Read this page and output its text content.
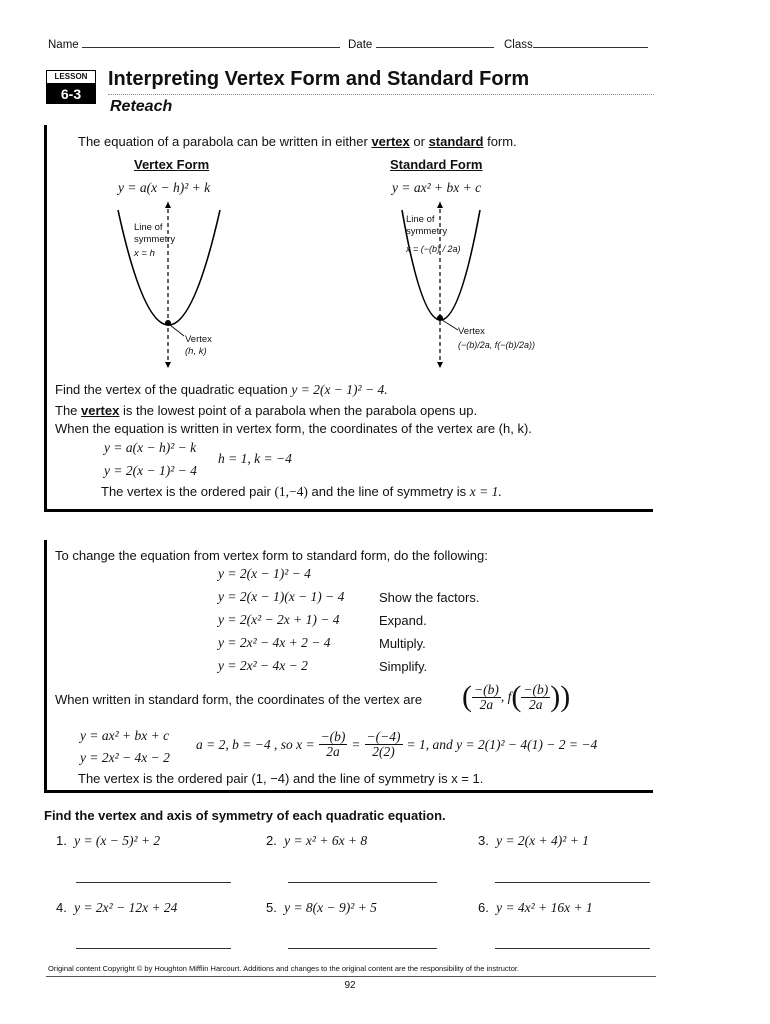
Name	Date	Class
LESSON
6-3
Interpreting Vertex Form and Standard Form
Reteach
The equation of a parabola can be written in either vertex or standard form.
Vertex Form	Standard Form
y = a(x − h)² + k	y = ax² + bx + c
Line of symmetry
x = h
Vertex
(h, k)
Line of symmetry
x = (−(b) / 2a)
Vertex
(−(b)/2a, f(−(b)/2a))
Find the vertex of the quadratic equation y = 2(x − 1)² − 4.
The vertex is the lowest point of a parabola when the parabola opens up.
When the equation is written in vertex form, the coordinates of the vertex are (h, k).
y = a(x − h)² − k
y = 2(x − 1)² − 4
h = 1, k = −4
The vertex is the ordered pair (1,−4) and the line of symmetry is x = 1.
To change the equation from vertex form to standard form, do the following:
y = 2(x − 1)² − 4
y = 2(x − 1)(x − 1) − 4	Show the factors.
y = 2(x² − 2x + 1) − 4	Expand.
y = 2x² − 4x + 2 − 4	Multiply.
y = 2x² − 4x − 2	Simplify.
When written in standard form, the coordinates of the vertex are ( $\frac{-(b)}{2a}$ , f ( $\frac{-(b)}{2a}$ ))
y = ax² + bx + c
y = 2x² − 4x − 2
a = 2, b = −4 , so $x = \frac{-(b)}{2a} = \frac{-(-4)}{2(2)} = 1$, and y = 2(1)² − 4(1) − 2 = −4
The vertex is the ordered pair (1, −4) and the line of symmetry is x = 1.
Find the vertex and axis of symmetry of each quadratic equation.
1. y = (x − 5)² + 2	2. y = x² + 6x + 8	3. y = 2(x + 4)² + 1
4. y = 2x² − 12x + 24	5. y = 8(x − 9)² + 5	6. y = 4x² + 16x + 1
Original content Copyright © by Houghton Mifflin Harcourt. Additions and changes to the original content are the responsibility of the instructor.
92
